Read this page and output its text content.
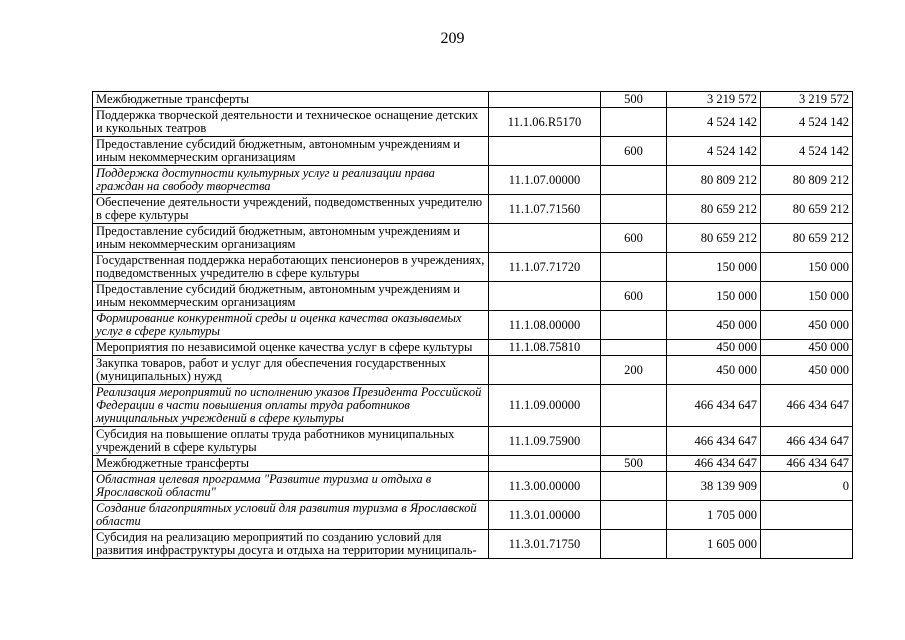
209
Межбюджетные трансферты		500	3 219 572	3 219 572
Поддержка творческой деятельности и техническое оснащение детских и кукольных театров	11.1.06.R5170		4 524 142	4 524 142
Предоставление субсидий бюджетным, автономным учреждениям и иным некоммерческим организациям		600	4 524 142	4 524 142
Поддержка доступности культурных услуг и реализации права граждан на свободу творчества	11.1.07.00000		80 809 212	80 809 212
Обеспечение деятельности учреждений, подведомственных учредителю в сфере культуры	11.1.07.71560		80 659 212	80 659 212
Предоставление субсидий бюджетным, автономным учреждениям и иным некоммерческим организациям		600	80 659 212	80 659 212
Государственная поддержка неработающих пенсионеров в учреждениях, подведомственных учредителю в сфере культуры	11.1.07.71720		150 000	150 000
Предоставление субсидий бюджетным, автономным учреждениям и иным некоммерческим организациям		600	150 000	150 000
Формирование конкурентной среды и оценка качества оказываемых услуг в сфере культуры	11.1.08.00000		450 000	450 000
Мероприятия по независимой оценке качества услуг в сфере культуры	11.1.08.75810		450 000	450 000
Закупка товаров, работ и услуг для обеспечения государственных (муниципальных) нужд		200	450 000	450 000
Реализация мероприятий по исполнению указов Президента Российской Федерации в части повышения оплаты труда работников муниципальных учреждений в сфере культуры	11.1.09.00000		466 434 647	466 434 647
Субсидия на повышение оплаты труда работников муниципальных учреждений в сфере культуры	11.1.09.75900		466 434 647	466 434 647
Межбюджетные трансферты		500	466 434 647	466 434 647
Областная целевая программа "Развитие туризма и отдыха в Ярославской области"	11.3.00.00000		38 139 909	0
Создание благоприятных условий для развития туризма в Ярославской области	11.3.01.00000		1 705 000	
Субсидия на реализацию мероприятий по созданию условий для развития инфраструктуры досуга и отдыха на территории муниципаль-	11.3.01.71750		1 605 000	
